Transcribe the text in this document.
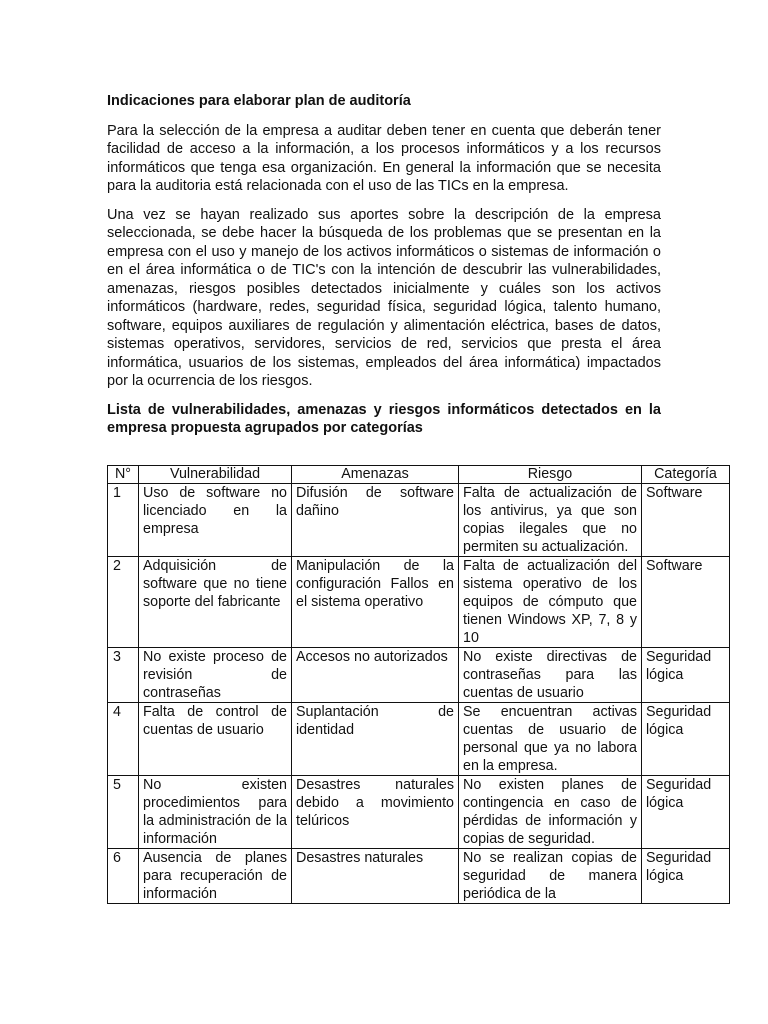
Indicaciones para elaborar plan de auditoría

Para la selección de la empresa a auditar deben tener en cuenta que deberán tener facilidad de acceso a la información, a los procesos informáticos y a los recursos informáticos que tenga esa organización. En general la información que se necesita para la auditoria está relacionada con el uso de las TICs en la empresa.

Una vez se hayan realizado sus aportes sobre la descripción de la empresa seleccionada, se debe hacer la búsqueda de los problemas que se presentan en la empresa con el uso y manejo de los activos informáticos o sistemas de información o en el área informática o de TIC's con la intención de descubrir las vulnerabilidades, amenazas, riesgos posibles detectados inicialmente y cuáles son los activos informáticos (hardware, redes, seguridad física, seguridad lógica, talento humano, software, equipos auxiliares de regulación y alimentación eléctrica, bases de datos, sistemas operativos, servidores, servicios de red, servicios que presta el área informática, usuarios de los sistemas, empleados del área informática) impactados por la ocurrencia de los riesgos.

Lista de vulnerabilidades, amenazas y riesgos informáticos detectados en la empresa propuesta agrupados por categorías

N°	Vulnerabilidad	Amenazas	Riesgo	Categoría
1	Uso de software no licenciado en la empresa	Difusión de software dañino	Falta de actualización de los antivirus, ya que son copias ilegales que no permiten su actualización.	Software
2	Adquisición de software que no tiene soporte del fabricante	Manipulación de la configuración Fallos en el sistema operativo	Falta de actualización del sistema operativo de los equipos de cómputo que tienen Windows XP, 7, 8 y 10	Software
3	No existe proceso de revisión de contraseñas	Accesos no autorizados	No existe directivas de contraseñas para las cuentas de usuario	Seguridad lógica
4	Falta de control de cuentas de usuario	Suplantación de identidad	Se encuentran activas cuentas de usuario de personal que ya no labora en la empresa.	Seguridad lógica
5	No existen procedimientos para la administración de la información	Desastres naturales debido a movimiento telúricos	No existen planes de contingencia en caso de pérdidas de información y copias de seguridad.	Seguridad lógica
6	Ausencia de planes para recuperación de información	Desastres naturales	No se realizan copias de seguridad de manera periódica de la	Seguridad lógica
